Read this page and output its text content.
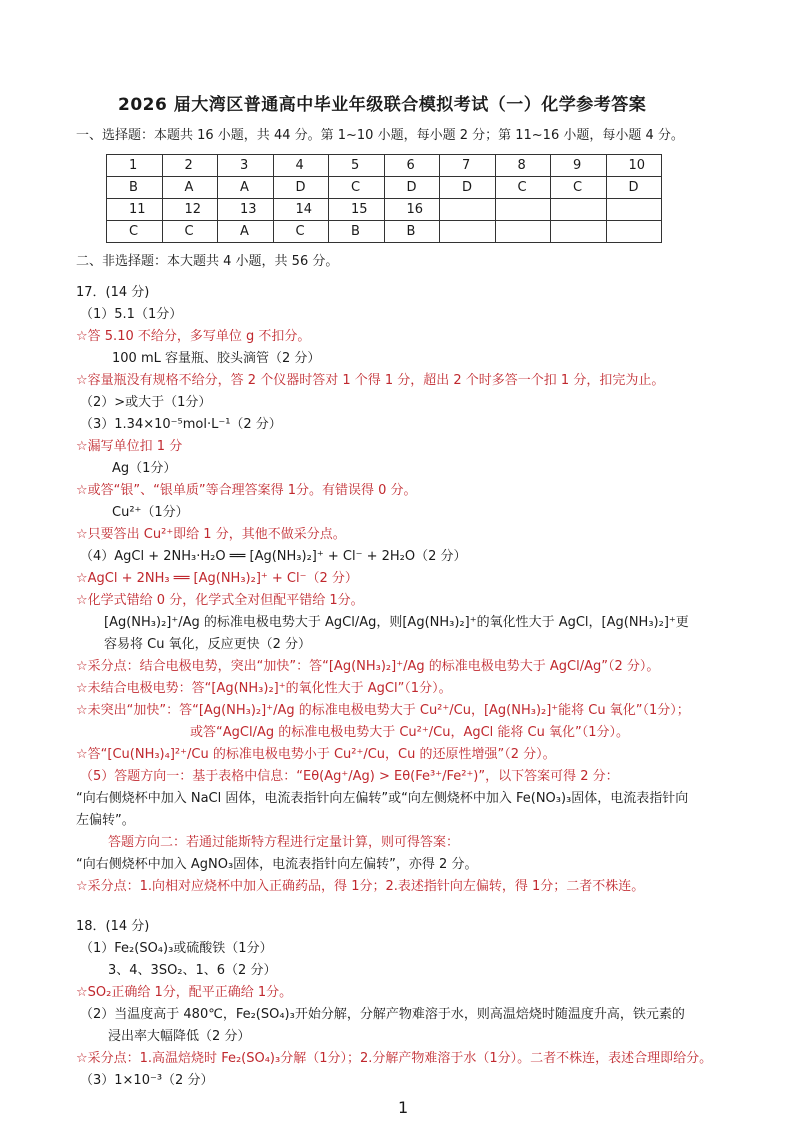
2026 届大湾区普通高中毕业年级联合模拟考试（一）化学参考答案
一、选择题：本题共 16 小题，共 44 分。第 1~10 小题，每小题 2 分；第 11~16 小题，每小题 4 分。
1	2	3	4	5	6	7	8	9	10
B	A	A	D	C	D	D	C	C	D
11	12	13	14	15	16				
C	C	A	C	B	B				
二、非选择题：本大题共 4 小题，共 56 分。
17．(14 分)
（1）5.1（1分）
☆答 5.10 不给分，多写单位 g 不扣分。
100 mL 容量瓶、胶头滴管（2 分）
☆容量瓶没有规格不给分，答 2 个仪器时答对 1 个得 1 分，超出 2 个时多答一个扣 1 分，扣完为止。
（2）>或大于（1分）
（3）1.34×10⁻⁵mol·L⁻¹（2 分）
☆漏写单位扣 1 分
Ag（1分）
☆或答“银”、“银单质”等合理答案得 1分。有错误得 0 分。
Cu²⁺（1分）
☆只要答出 Cu²⁺即给 1 分，其他不做采分点。
（4）AgCl + 2NH₃·H₂O ══ [Ag(NH₃)₂]⁺ + Cl⁻ + 2H₂O（2 分）
☆AgCl + 2NH₃ ══ [Ag(NH₃)₂]⁺ + Cl⁻（2 分）
☆化学式错给 0 分，化学式全对但配平错给 1分。
[Ag(NH₃)₂]⁺/Ag 的标准电极电势大于 AgCl/Ag，则[Ag(NH₃)₂]⁺的氧化性大于 AgCl，[Ag(NH₃)₂]⁺更
容易将 Cu 氧化，反应更快（2 分）
☆采分点：结合电极电势，突出“加快”：答“[Ag(NH₃)₂]⁺/Ag 的标准电极电势大于 AgCl/Ag”（2 分）。
☆未结合电极电势：答“[Ag(NH₃)₂]⁺的氧化性大于 AgCl”（1分）。
☆未突出“加快”：答“[Ag(NH₃)₂]⁺/Ag 的标准电极电势大于 Cu²⁺/Cu，[Ag(NH₃)₂]⁺能将 Cu 氧化”（1分）；
或答“AgCl/Ag 的标准电极电势大于 Cu²⁺/Cu，AgCl 能将 Cu 氧化”（1分）。
☆答“[Cu(NH₃)₄]²⁺/Cu 的标准电极电势小于 Cu²⁺/Cu，Cu 的还原性增强”（2 分）。
（5）答题方向一：基于表格中信息：“Eθ(Ag⁺/Ag) > Eθ(Fe³⁺/Fe²⁺)”，以下答案可得 2 分：
“向右侧烧杯中加入 NaCl 固体，电流表指针向左偏转”或“向左侧烧杯中加入 Fe(NO₃)₃固体，电流表指针向
左偏转”。
答题方向二：若通过能斯特方程进行定量计算，则可得答案：
“向右侧烧杯中加入 AgNO₃固体，电流表指针向左偏转”，亦得 2 分。
☆采分点：1.向相对应烧杯中加入正确药品，得 1分；2.表述指针向左偏转，得 1分；二者不株连。
18．(14 分)
（1）Fe₂(SO₄)₃或硫酸铁（1分）
3、4、3SO₂、1、6（2 分）
☆SO₂正确给 1分，配平正确给 1分。
（2）当温度高于 480℃，Fe₂(SO₄)₃开始分解，分解产物难溶于水，则高温焙烧时随温度升高，铁元素的
浸出率大幅降低（2 分）
☆采分点：1.高温焙烧时 Fe₂(SO₄)₃分解（1分）；2.分解产物难溶于水（1分）。二者不株连，表述合理即给分。
（3）1×10⁻³（2 分）
1
